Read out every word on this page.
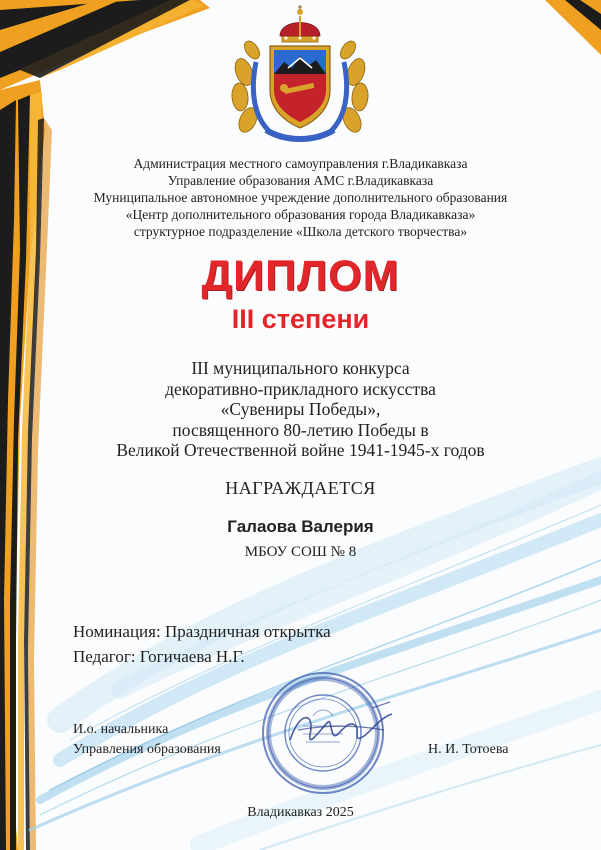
Администрация местного самоуправления г.Владикавказа
Управление образования АМС г.Владикавказа
Муниципальное автономное учреждение дополнительного образования
«Центр дополнительного образования города Владикавказа»
структурное подразделение «Школа детского творчества»
ДИПЛОМ
III степени
III муниципального конкурса
декоративно-прикладного искусства
«Сувениры Победы»,
посвященного 80-летию Победы в
Великой Отечественной войне 1941-1945-х годов
НАГРАЖДАЕТСЯ
Галаова Валерия
МБОУ СОШ № 8
Номинация: Праздничная открытка
Педагог: Гогичаева Н.Г.
И.о. начальника
Управления образования	Н. И. Тотоева
Владикавказ 2025
